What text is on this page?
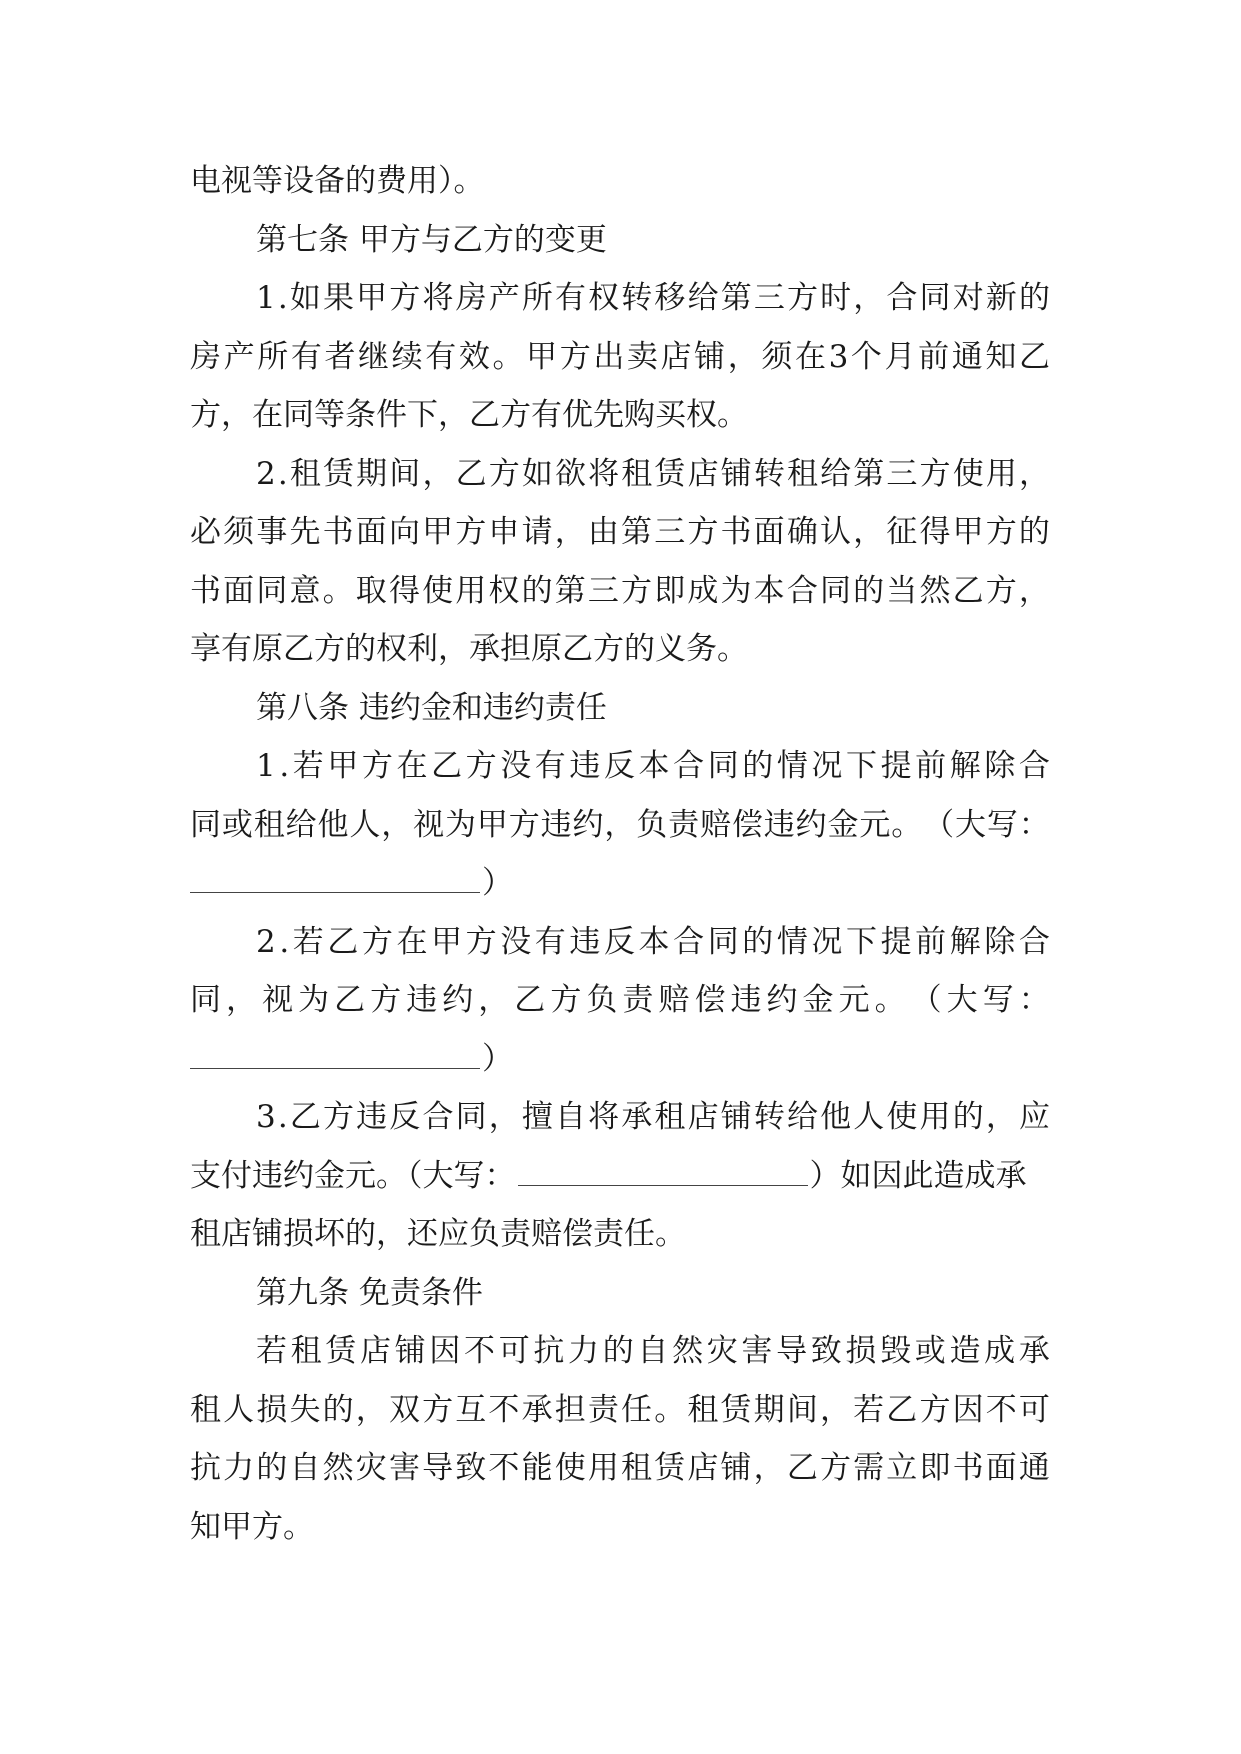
电视等设备的费用）。
第七条 甲方与乙方的变更
1 . 如 果 甲 方 将 房 产 所 有 权 转 移 给 第 三 方 时 ， 合 同 对 新 的
房 产 所 有 者 继 续 有 效 。 甲 方 出 卖 店 铺 ， 须 在 3 个 月 前 通 知 乙
方，在同等条件下，乙方有优先购买权。
2 . 租 赁 期 间 ， 乙 方 如 欲 将 租 赁 店 铺 转 租 给 第 三 方 使 用 ，
必 须 事 先 书 面 向 甲 方 申 请 ， 由 第 三 方 书 面 确 认 ， 征 得 甲 方 的
书 面 同 意 。 取 得 使 用 权 的 第 三 方 即 成 为 本 合 同 的 当 然 乙 方 ，
享有原乙方的权利，承担原乙方的义务。
第八条 违约金和违约责任
1 . 若 甲 方 在 乙 方 没 有 违 反 本 合 同 的 情 况 下 提 前 解 除 合
同 或 租 给 他 人 ， 视 为 甲 方 违 约 ， 负 责 赔 偿 违 约 金 元 。 （ 大 写 ：
）
2 . 若 乙 方 在 甲 方 没 有 违 反 本 合 同 的 情 况 下 提 前 解 除 合
同 ， 视 为 乙 方 违 约 ， 乙 方 负 责 赔 偿 违 约 金 元 。 （ 大 写 ：
）
3 . 乙 方 违 反 合 同 ， 擅 自 将 承 租 店 铺 转 给 他 人 使 用 的 ， 应
支付违约金元。（大写：	）如因此造成承
租店铺损坏的，还应负责赔偿责任。
第九条 免责条件
若 租 赁 店 铺 因 不 可 抗 力 的 自 然 灾 害 导 致 损 毁 或 造 成 承
租 人 损 失 的 ， 双 方 互 不 承 担 责 任 。 租 赁 期 间 ， 若 乙 方 因 不 可
抗 力 的 自 然 灾 害 导 致 不 能 使 用 租 赁 店 铺 ， 乙 方 需 立 即 书 面 通
知甲方。
